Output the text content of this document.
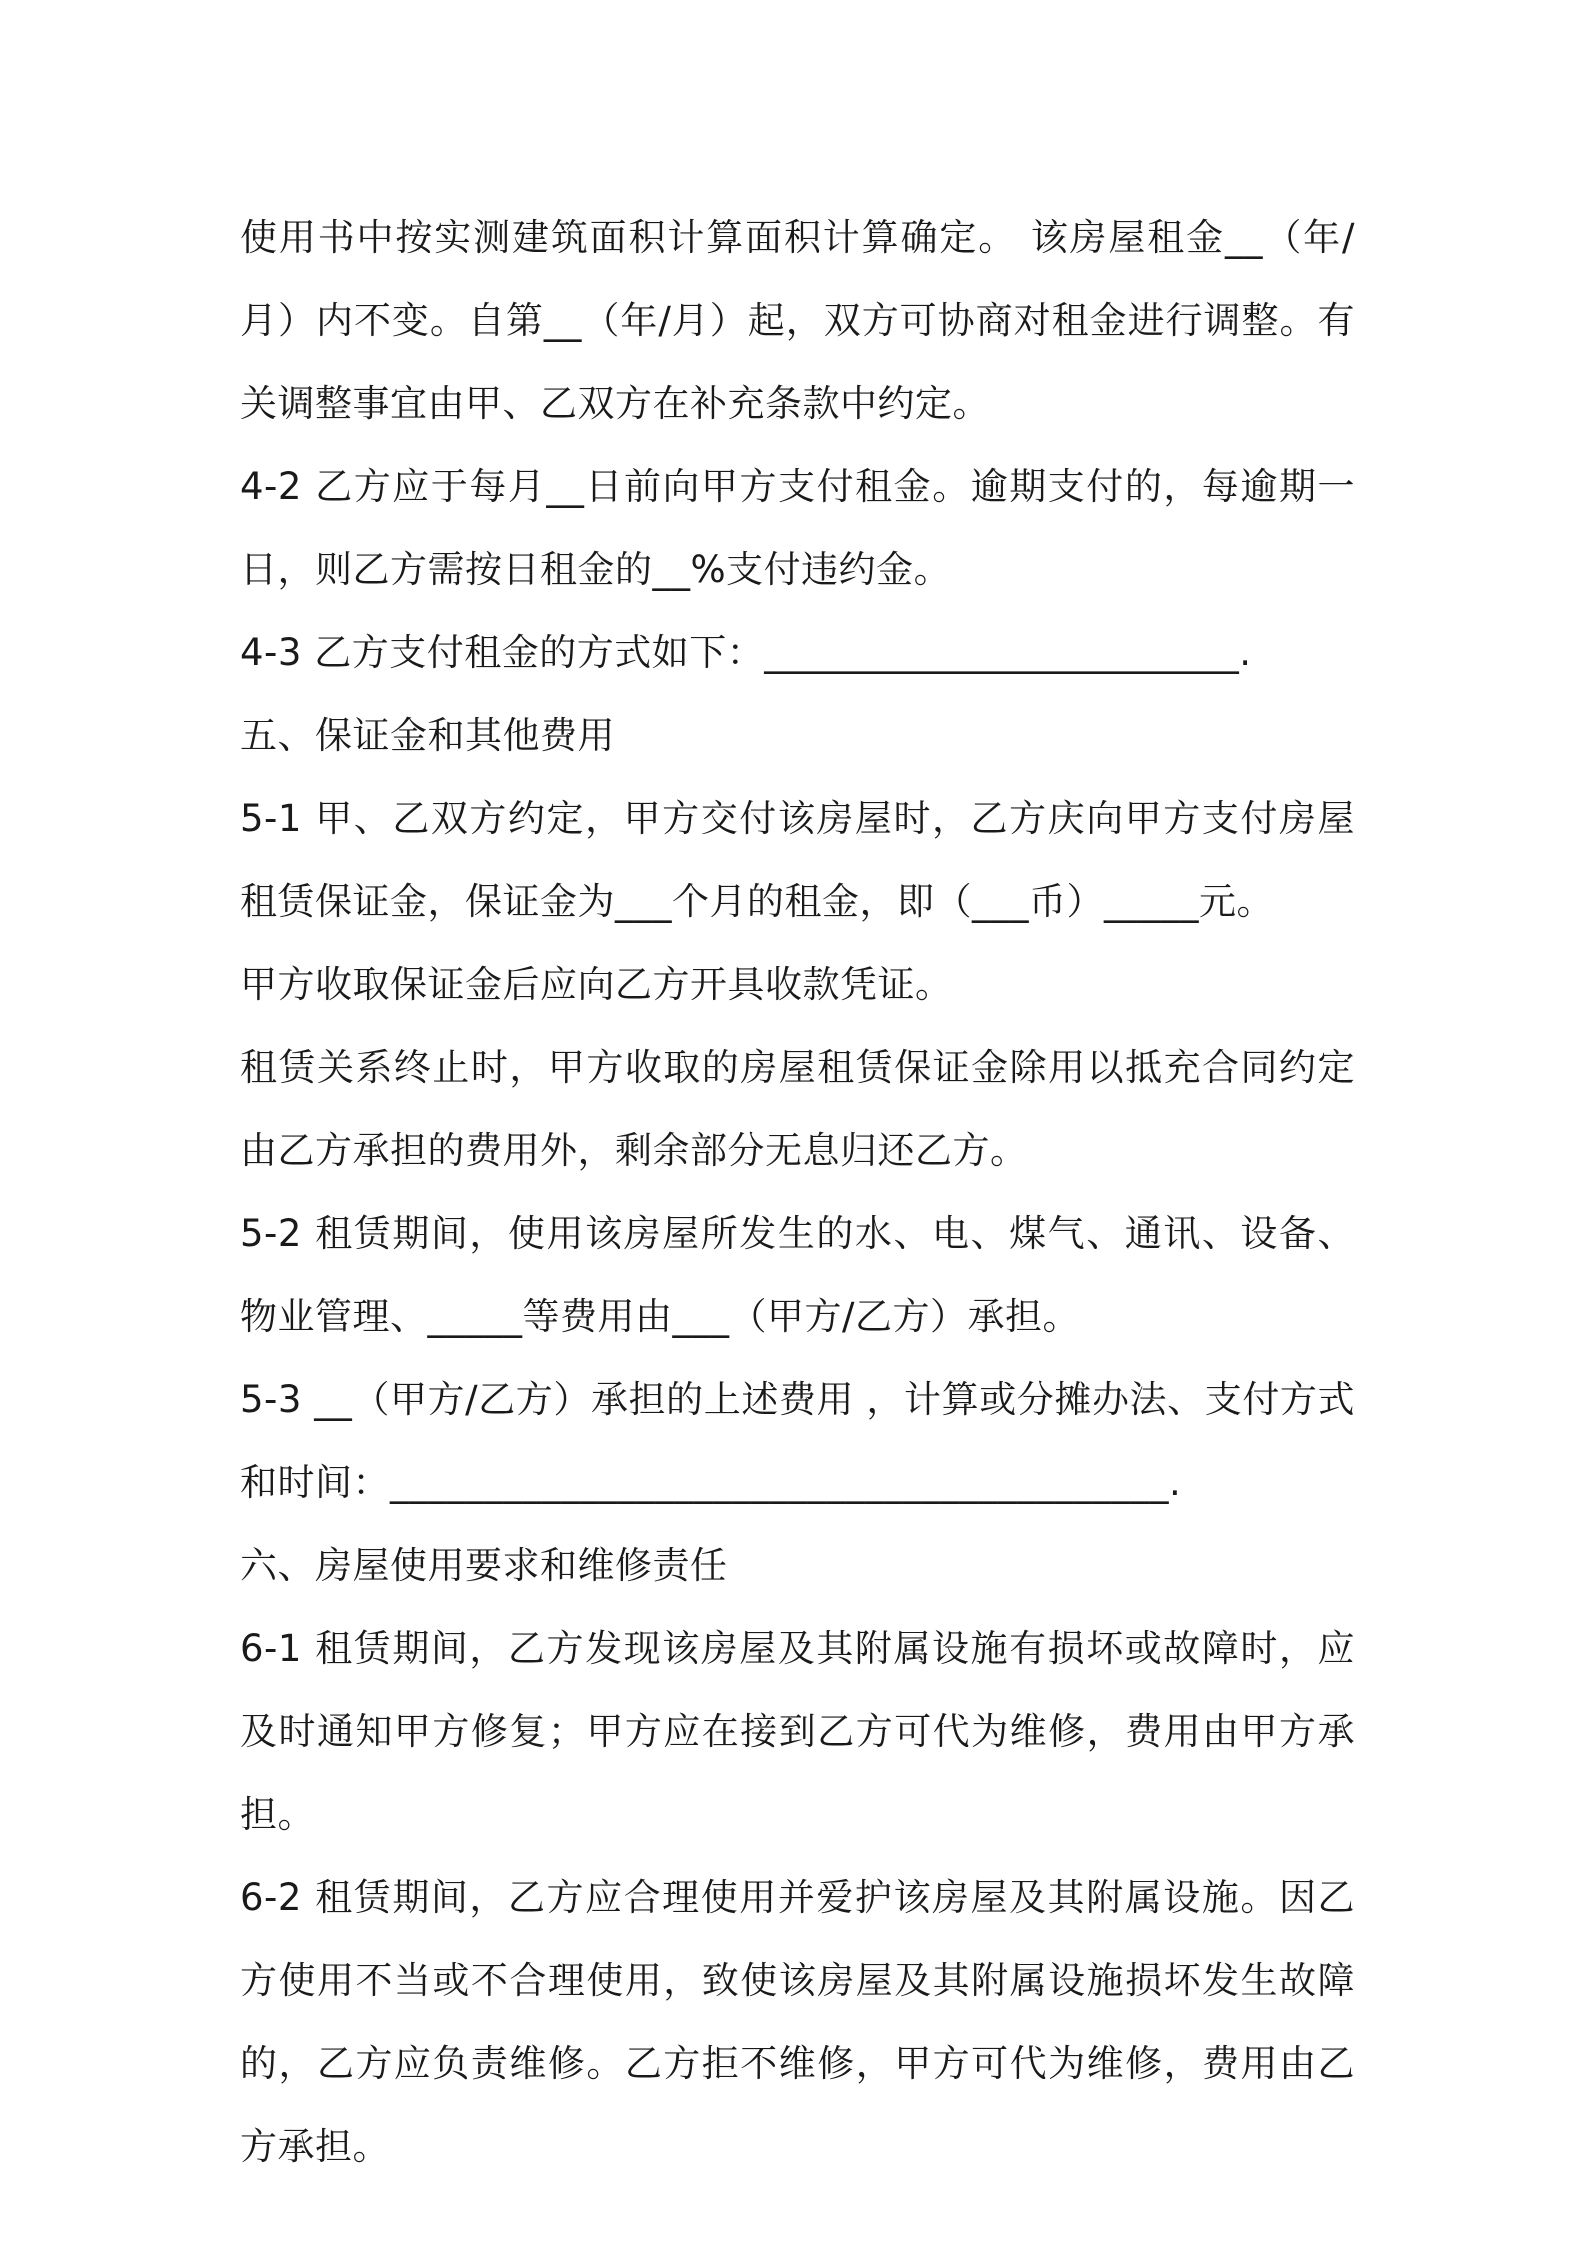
使用书中按实测建筑面积计算面积计算确定。 该房屋租金__（年/月）内不变。自第__（年/月）起，双方可协商对租金进行调整。有关调整事宜由甲、乙双方在补充条款中约定。

4-2 乙方应于每月__日前向甲方支付租金。逾期支付的，每逾期一日，则乙方需按日租金的__%支付违约金。

4-3 乙方支付租金的方式如下：_________________________.

五、保证金和其他费用

5-1 甲、乙双方约定，甲方交付该房屋时，乙方庆向甲方支付房屋租赁保证金，保证金为___个月的租金，即（___币）_____元。

甲方收取保证金后应向乙方开具收款凭证。

租赁关系终止时，甲方收取的房屋租赁保证金除用以抵充合同约定由乙方承担的费用外，剩余部分无息归还乙方。

5-2 租赁期间，使用该房屋所发生的水、电、煤气、通讯、设备、物业管理、_____等费用由___（甲方/乙方）承担。

5-3 __（甲方/乙方）承担的上述费用 ，计算或分摊办法、支付方式和时间：_________________________________________.

六、房屋使用要求和维修责任

6-1 租赁期间，乙方发现该房屋及其附属设施有损坏或故障时，应及时通知甲方修复；甲方应在接到乙方可代为维修，费用由甲方承担。

6-2 租赁期间，乙方应合理使用并爱护该房屋及其附属设施。因乙方使用不当或不合理使用，致使该房屋及其附属设施损坏发生故障的，乙方应负责维修。乙方拒不维修，甲方可代为维修，费用由乙方承担。
